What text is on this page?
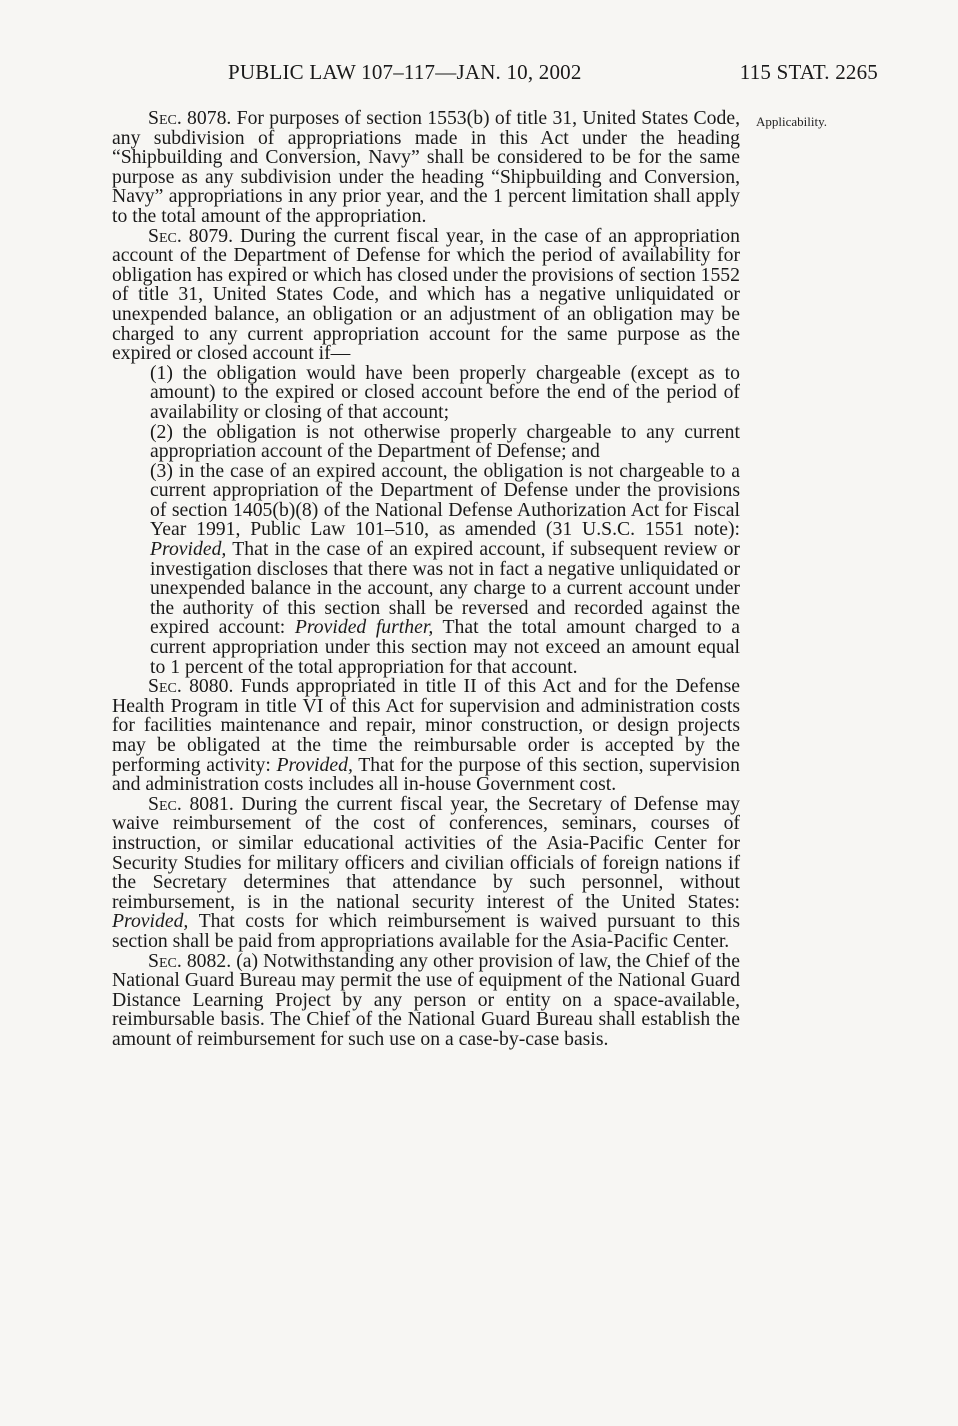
PUBLIC LAW 107–117—JAN. 10, 2002	115 STAT. 2265
Applicability.

Sec. 8078. For purposes of section 1553(b) of title 31, United States Code, any subdivision of appropriations made in this Act under the heading “Shipbuilding and Conversion, Navy” shall be considered to be for the same purpose as any subdivision under the heading “Shipbuilding and Conversion, Navy” appropriations in any prior year, and the 1 percent limitation shall apply to the total amount of the appropriation.

Sec. 8079. During the current fiscal year, in the case of an appropriation account of the Department of Defense for which the period of availability for obligation has expired or which has closed under the provisions of section 1552 of title 31, United States Code, and which has a negative unliquidated or unexpended balance, an obligation or an adjustment of an obligation may be charged to any current appropriation account for the same purpose as the expired or closed account if—

(1) the obligation would have been properly chargeable (except as to amount) to the expired or closed account before the end of the period of availability or closing of that account;

(2) the obligation is not otherwise properly chargeable to any current appropriation account of the Department of Defense; and

(3) in the case of an expired account, the obligation is not chargeable to a current appropriation of the Department of Defense under the provisions of section 1405(b)(8) of the National Defense Authorization Act for Fiscal Year 1991, Public Law 101–510, as amended (31 U.S.C. 1551 note): Provided, That in the case of an expired account, if subsequent review or investigation discloses that there was not in fact a negative unliquidated or unexpended balance in the account, any charge to a current account under the authority of this section shall be reversed and recorded against the expired account: Provided further, That the total amount charged to a current appropriation under this section may not exceed an amount equal to 1 percent of the total appropriation for that account.

Sec. 8080. Funds appropriated in title II of this Act and for the Defense Health Program in title VI of this Act for supervision and administration costs for facilities maintenance and repair, minor construction, or design projects may be obligated at the time the reimbursable order is accepted by the performing activity: Provided, That for the purpose of this section, supervision and administration costs includes all in-house Government cost.

Sec. 8081. During the current fiscal year, the Secretary of Defense may waive reimbursement of the cost of conferences, seminars, courses of instruction, or similar educational activities of the Asia-Pacific Center for Security Studies for military officers and civilian officials of foreign nations if the Secretary determines that attendance by such personnel, without reimbursement, is in the national security interest of the United States: Provided, That costs for which reimbursement is waived pursuant to this section shall be paid from appropriations available for the Asia-Pacific Center.

Sec. 8082. (a) Notwithstanding any other provision of law, the Chief of the National Guard Bureau may permit the use of equipment of the National Guard Distance Learning Project by any person or entity on a space-available, reimbursable basis. The Chief of the National Guard Bureau shall establish the amount of reimbursement for such use on a case-by-case basis.
